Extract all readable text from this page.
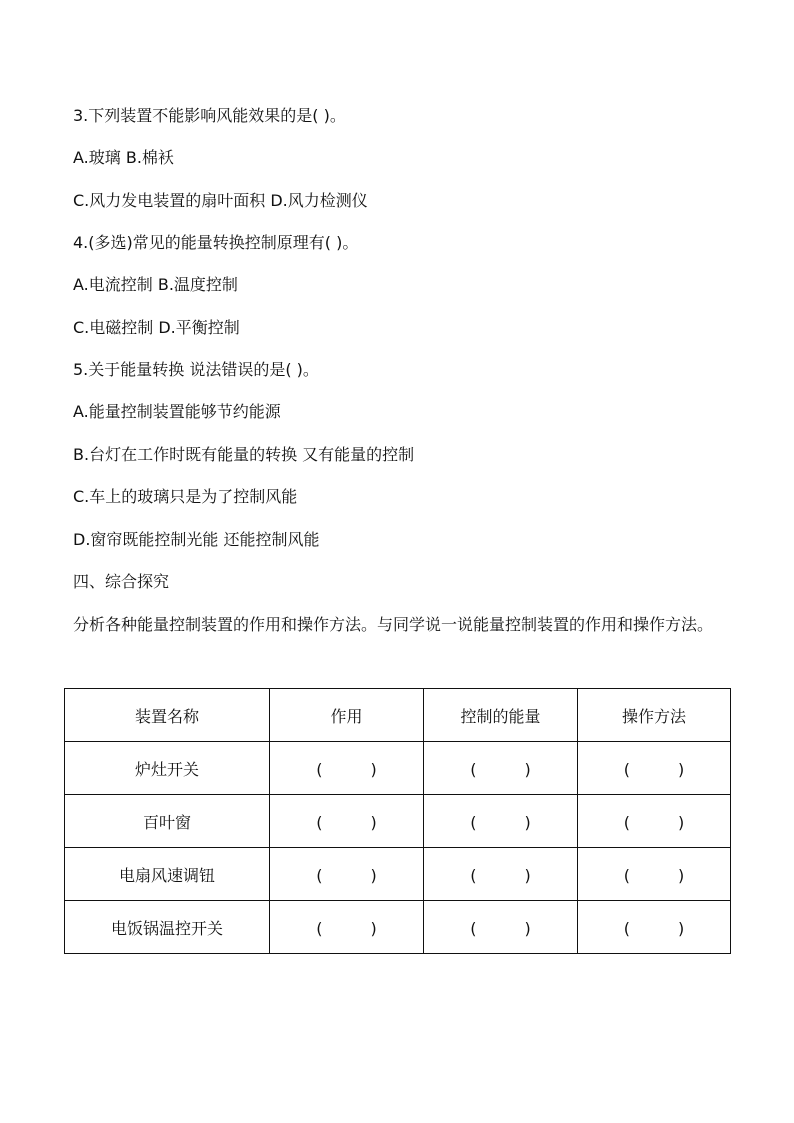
3.下列装置不能影响风能效果的是( )。
A.玻璃 B.棉袄
C.风力发电装置的扇叶面积 D.风力检测仪
4.(多选)常见的能量转换控制原理有( )。
A.电流控制 B.温度控制
C.电磁控制 D.平衡控制
5.关于能量转换 说法错误的是( )。
A.能量控制装置能够节约能源
B.台灯在工作时既有能量的转换 又有能量的控制
C.车上的玻璃只是为了控制风能
D.窗帘既能控制光能 还能控制风能
四、综合探究
分析各种能量控制装置的作用和操作方法。与同学说一说能量控制装置的作用和操作方法。
装置名称	作用	控制的能量	操作方法
炉灶开关	(　　　)	(　　　)	(　　　)
百叶窗	(　　　)	(　　　)	(　　　)
电扇风速调钮	(　　　)	(　　　)	(　　　)
电饭锅温控开关	(　　　)	(　　　)	(　　　)
